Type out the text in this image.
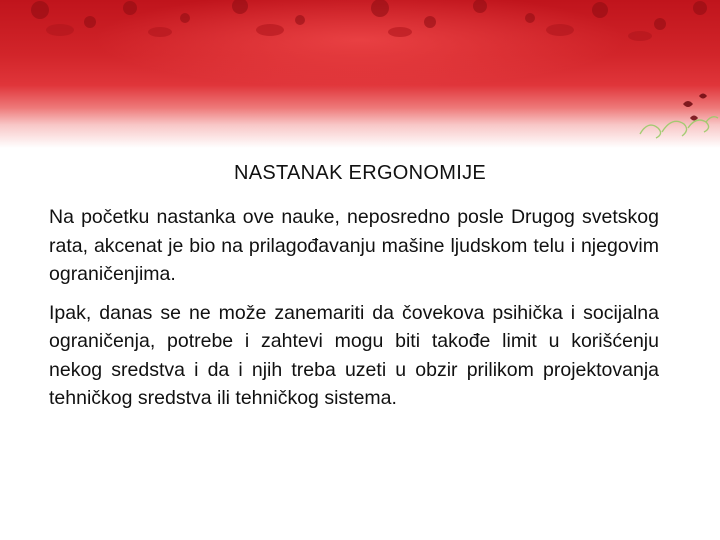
NASTANAK ERGONOMIJE

Na početku nastanka ove nauke, neposredno posle Drugog svetskog rata, akcenat je bio na prilagođavanju mašine ljudskom telu i njegovim ograničenjima.

Ipak, danas se ne može zanemariti da čovekova psihička i socijalna ograničenja, potrebe i zahtevi mogu biti takođe limit u korišćenju nekog sredstva i da i njih treba uzeti u obzir prilikom projektovanja tehničkog sredstva ili tehničkog sistema.
